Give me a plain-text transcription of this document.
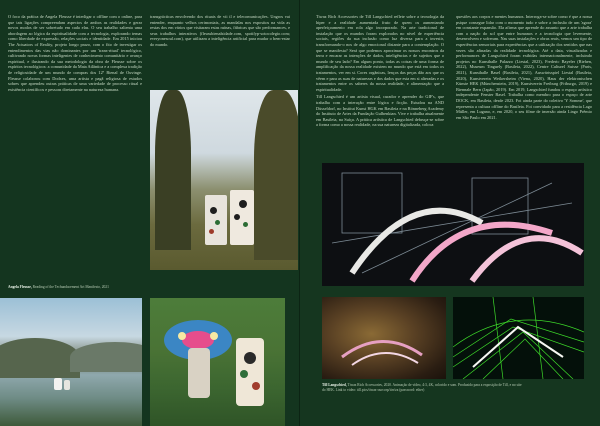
O foco da prática de Angela Fleusse é interligar o offline com o online, para que tais ligações compreendam aspectos de ambos as realidades e gerar novos modos de ser sobretudo em cada elas. O seu trabalho salienta uma abordagem ao lógica da espiritualidade com a tecnologia, explorando temas como liberdade de expressão, relações sociais e identidade. Em 2015 iniciou The Actuators of Reality, projeto longo prazo, com o fito de investigar os entendimentos das vias não dominantes por um 'trans-ritual' tecnológico, cultivando novas formas inteligentes de conhecimento comunitário e avanço espiritual, e ilustrando da sua metodologia da obra de Fleusse sobre os espíritos tecnológicos: a comunidade da Mata Atlântica e a complexa tradição de religiosidade de um mundo de compras dos 12º Bienal de Ouvinge. Fleusse colaborou com Dodxes, uma artista e pagã religiosa de estudos sobres que aprendeu outras práticas de uma variedade de processo ritual e existência científicos e pessoas diretamente na natureza humana.

transgrácticas envolvendo dos rituais de vii il e telecomunicações. Ungros vai entender, enquanto velhos cerimoniais, as mandalas nos expositos na vida as restas dos em vários que visitaram estas ruínas, fábricas que são performances, e seus trabalhos interativos (fleussbienalsidade.com, spotifyp-sotocolegio.com; everyonesoul.com), que utilizam a inteligência artificial para mudar o bem-estar do mundo.

Angela Fleusse, Reading of the Techundacement Art Manifesto, 2021

Tiwaz Rich Accessories de Till Langschied reflete sobre a tecnologia da hiper e a realidade aumentada fruto de quem os aumentando aperfeiçoamento em rola algo incorporado. Na arte tradicional de instalação que os mundos foram explorados no nível de experiência sociais, regiões da sua inclusão como luz diversa para a investir, transformando-o nos de algo emocional distante para a contemplação. O que se manifesta? Será que podemos aproximar os nossos encontros da terra e encarar as intenções de dados, inteligências e de sujeitos que o mundo de seu lado? Em algum ponto, todas as coisas de uma forma de amplificação da nossa realidade existem no mundo que está em todos os tratamentos, ver em si. Cores orgânicas, lenços das peças dão aos que os vêem e para as suas de naturezas e dos dados que esta em si alteradas e os tratamentos entre os saberes da nossa realidade, e alimentação que a espiritualidade.

Till Langschied é um artista visual, curador e aprender do GIF's, que trabalha com a interação entre lógica e ficção. Estudou na AND Düsseldorf, no Institut Kunst HGK em Basileia e na Rönneberg Academy do Instituto de Artes da Fundação Gulbenkian. Vive e trabalha atualmente em Basileia, na Suíça. A prática artística de Langschied debruça-se sobre a forma como a nossa realidade, na sua natureza digitalizada, coloca

questões aos corpos e mentes humanos. Interroga-se sobre como é que a nossa psique consegue lidar com o momento tudo e sobre a inclusão de um 'agora' em constante expansão. Ela afirma que aprende do assunto que a arte trabalha com a nação do sol que entre humanos e a tecnologia que levemente, desenvolvem e sofreram. Nas suas instalações e obras reais, vemos um tipo de experiências sensoriais para experiências que a utilização dos sentidos que nas vezes são afinadas da realidade tecnológica. Até a data, visualizadas e performances de Langschied foram exibidas internacionalmente, incluindo projetos no Kunsthalle Palazzo (Liestal, 2023), Frederic Bayeler (Riehen, 2022), Museum Tinguely (Basileia, 2022), Centre Culturel Suisse (Paris, 2021), Kunsthalle Basel (Basileia, 2021), Auswärtsspiel Liestal (Basileia, 2020), Kunstverein Weikersheim (Viena, 2020), Haus der elektronischen Künste HEK (Münchenstein, 2019), Kunstverein Freiburg (Friburgo, 2019) e Biennale Bern (Japão, 2019). Em 2019, Langschied fundou o espaço artístico independente Fenster Basel. Trabalha como membro para o espaço de arte DOCK, em Basileia, desde 2023. Foi ainda parte do coletivo 'Y Somme', que representa a cultura offline do Basileia. Foi convidado para a residência Lago Müller, em Lugano, e, em 2020, o seu filme de imersão ainda Lingo Prêmio em São Paulo em 2021.

Till Langschied, Tiwaz Rich Accessories, 2020. Animação de vídeo, 4:3, 4K, colorido e som. Produzido para a exposição de Till, e no site do HEK. Link to video: till.pics/tiwaz-ourcorp/tirr/za (password: ether)
